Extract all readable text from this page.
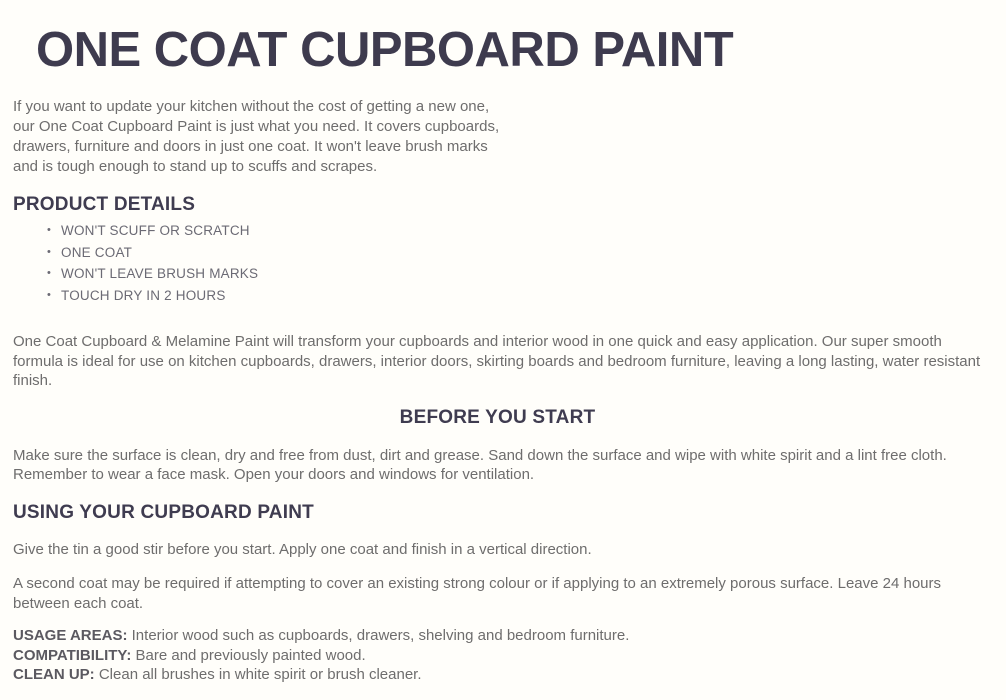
ONE COAT CUPBOARD PAINT

If you want to update your kitchen without the cost of getting a new one, our One Coat Cupboard Paint is just what you need. It covers cupboards, drawers, furniture and doors in just one coat. It won't leave brush marks and is tough enough to stand up to scuffs and scrapes.

PRODUCT DETAILS
• WON'T SCUFF OR SCRATCH
• ONE COAT
• WON'T LEAVE BRUSH MARKS
• TOUCH DRY IN 2 HOURS

One Coat Cupboard & Melamine Paint will transform your cupboards and interior wood in one quick and easy application. Our super smooth formula is ideal for use on kitchen cupboards, drawers, interior doors, skirting boards and bedroom furniture, leaving a long lasting, water resistant finish.

BEFORE YOU START

Make sure the surface is clean, dry and free from dust, dirt and grease. Sand down the surface and wipe with white spirit and a lint free cloth. Remember to wear a face mask. Open your doors and windows for ventilation.

USING YOUR CUPBOARD PAINT

Give the tin a good stir before you start. Apply one coat and finish in a vertical direction.

A second coat may be required if attempting to cover an existing strong colour or if applying to an extremely porous surface. Leave 24 hours between each coat.

USAGE AREAS: Interior wood such as cupboards, drawers, shelving and bedroom furniture.
COMPATIBILITY: Bare and previously painted wood.
CLEAN UP: Clean all brushes in white spirit or brush cleaner.
